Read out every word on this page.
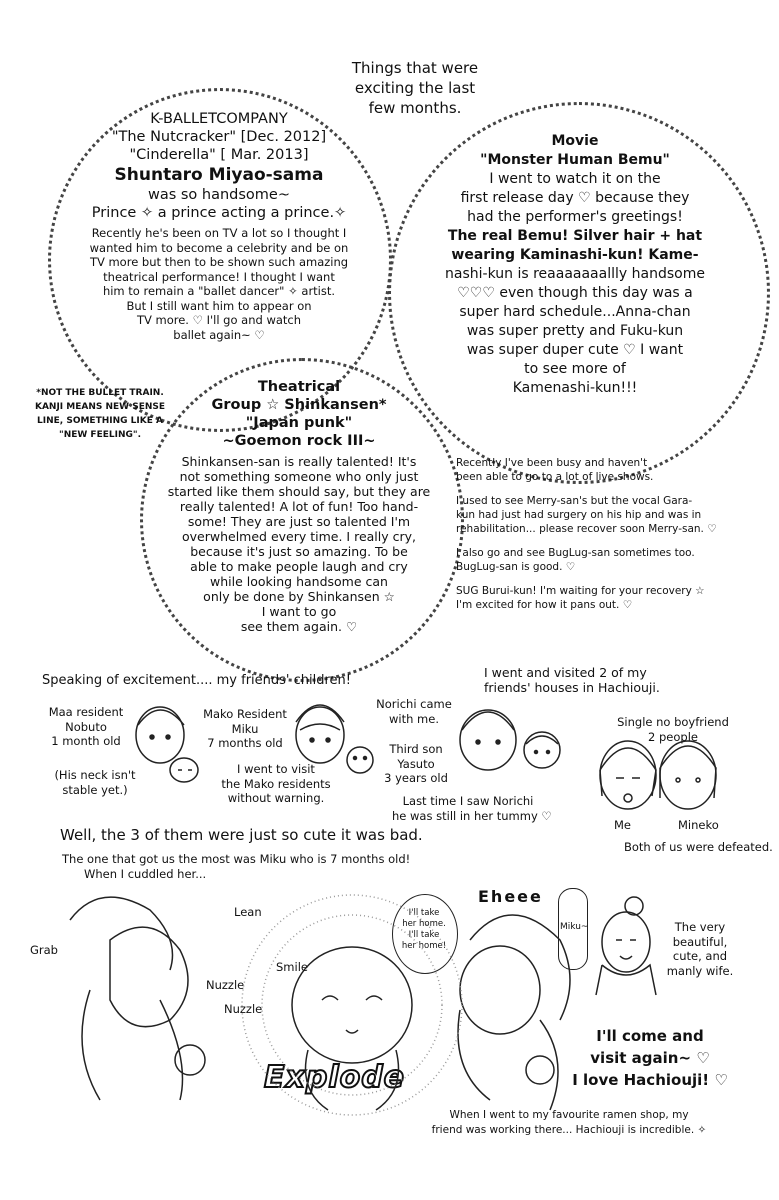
Things that were
exciting the last
few months.
K-BALLETCOMPANY
"The Nutcracker" [Dec. 2012]
"Cinderella" [ Mar. 2013]
Shuntaro Miyao-sama
was so handsome~
Prince ✧ a prince acting a prince.✧
Recently he's been on TV a lot so I thought I
wanted him to become a celebrity and be on
TV more but then to be shown such amazing
theatrical performance! I thought I want
him to remain a "ballet dancer" ✧ artist.
But I still want him to appear on
TV more. ♡ I'll go and watch
ballet again~ ♡
Movie
"Monster Human Bemu"
I went to watch it on the
first release day ♡ because they
had the performer's greetings!
The real Bemu! Silver hair + hat
wearing Kaminashi-kun! Kame-
nashi-kun is reaaaaaaallly handsome
♡♡♡ even though this day was a
super hard schedule...Anna-chan
was super pretty and Fuku-kun
was super duper cute ♡ I want
to see more of
Kamenashi-kun!!!
*NOT THE BULLET TRAIN.
KANJI MEANS NEW SENSE
LINE, SOMETHING LIKE A
"NEW FEELING".
Theatrical
Group ☆ Shinkansen*
"Japan punk"
~Goemon rock III~
Shinkansen-san is really talented! It's
not something someone who only just
started like them should say, but they are
really talented! A lot of fun! Too hand-
some! They are just so talented I'm
overwhelmed every time. I really cry,
because it's just so amazing. To be
able to make people laugh and cry
while looking handsome can
only be done by Shinkansen ☆
I want to go
see them again. ♡
Recently I've been busy and haven't
been able to go to a lot of live shows.
I used to see Merry-san's but the vocal Gara-
kun had just had surgery on his hip and was in
rehabilitation... please recover soon Merry-san. ♡
I also go and see BugLug-san sometimes too.
BugLug-san is good. ♡
SUG Burui-kun! I'm waiting for your recovery ☆
I'm excited for how it pans out. ♡
Speaking of excitement.... my friends' children!
I went and visited 2 of my
friends' houses in Hachiouji.
Maa resident
Nobuto
1 month old
(His neck isn't
stable yet.)
Mako Resident
Miku
7 months old
I went to visit
the Mako residents
without warning.
Norichi came
with me.
Third son
Yasuto
3 years old
Last time I saw Norichi
he was still in her tummy ♡
Single no boyfriend
2 people
Me	Mineko
Both of us were defeated.
Well, the 3 of them were just so cute it was bad.
The one that got us the most was Miku who is 7 months old!
When I cuddled her...
Lean
Grab
Nuzzle
Nuzzle
Smile
Explode
I'll take
her home.
I'll take
her home!
Eheee
Miku~	The very
beautiful,
cute, and
manly wife.
I'll come and
visit again~ ♡
I love Hachiouji! ♡
When I went to my favourite ramen shop, my
friend was working there... Hachiouji is incredible. ✧
